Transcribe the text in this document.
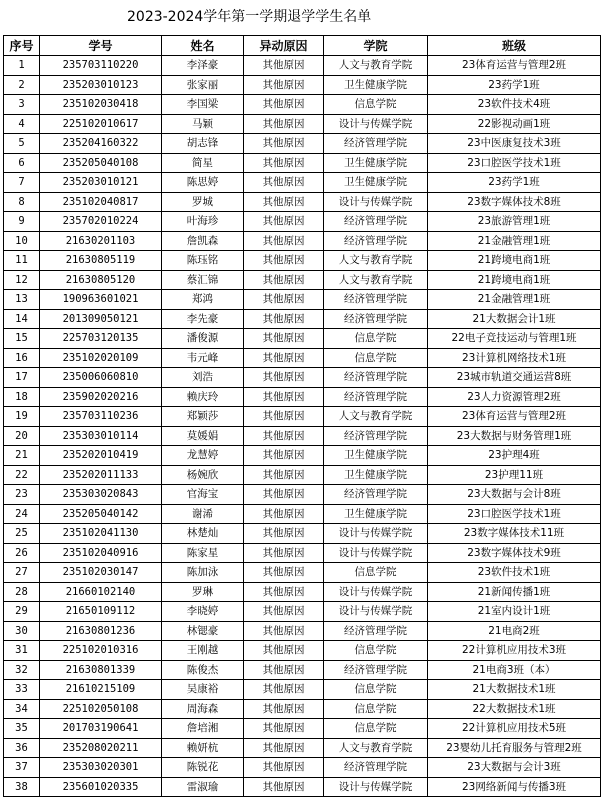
2023-2024学年第一学期退学学生名单
序号	学号	姓名	异动原因	学院	班级
1	235703110220	李泽豪	其他原因	人文与教育学院	23体育运营与管理2班
2	235203010123	张家丽	其他原因	卫生健康学院	23药学1班
3	235102030418	李国梁	其他原因	信息学院	23软件技术4班
4	225102010617	马颖	其他原因	设计与传媒学院	22影视动画1班
5	235204160322	胡志锋	其他原因	经济管理学院	23中医康复技术3班
6	235205040108	简星	其他原因	卫生健康学院	23口腔医学技术1班
7	235203010121	陈思婷	其他原因	卫生健康学院	23药学1班
8	235102040817	罗城	其他原因	设计与传媒学院	23数字媒体技术8班
9	235702010224	叶海珍	其他原因	经济管理学院	23旅游管理1班
10	21630201103	詹凯森	其他原因	经济管理学院	21金融管理1班
11	21630805119	陈珏铭	其他原因	人文与教育学院	21跨境电商1班
12	21630805120	蔡汇锦	其他原因	人文与教育学院	21跨境电商1班
13	190963601021	郑鸿	其他原因	经济管理学院	21金融管理1班
14	201309050121	李先豪	其他原因	经济管理学院	21大数据会计1班
15	225703120135	潘俊源	其他原因	信息学院	22电子竞技运动与管理1班
16	235102020109	韦元峰	其他原因	信息学院	23计算机网络技术1班
17	235006060810	刘浩	其他原因	经济管理学院	23城市轨道交通运营8班
18	235902020216	赖庆玲	其他原因	经济管理学院	23人力资源管理2班
19	235703110236	郑颖莎	其他原因	人文与教育学院	23体育运营与管理2班
20	235303010114	莫媛娟	其他原因	经济管理学院	23大数据与财务管理1班
21	235202010419	龙慧婷	其他原因	卫生健康学院	23护理4班
22	235202011133	杨婉欣	其他原因	卫生健康学院	23护理11班
23	235303020843	官海宝	其他原因	经济管理学院	23大数据与会计8班
24	235205040142	谢浠	其他原因	卫生健康学院	23口腔医学技术1班
25	235102041130	林楚灿	其他原因	设计与传媒学院	23数字媒体技术11班
26	235102040916	陈家星	其他原因	设计与传媒学院	23数字媒体技术9班
27	235102030147	陈加泳	其他原因	信息学院	23软件技术1班
28	21660102140	罗琳	其他原因	设计与传媒学院	21新闻传播1班
29	21650109112	李晓婷	其他原因	设计与传媒学院	21室内设计1班
30	21630801236	林锶豪	其他原因	经济管理学院	21电商2班
31	225102010316	王刚越	其他原因	信息学院	22计算机应用技术3班
32	21630801339	陈俊杰	其他原因	经济管理学院	21电商3班（本）
33	21610215109	吴康裕	其他原因	信息学院	21大数据技术1班
34	225102050108	周海森	其他原因	信息学院	22大数据技术1班
35	201703190641	詹培湘	其他原因	信息学院	22计算机应用技术5班
36	235208020211	赖妍杭	其他原因	人文与教育学院	23婴幼儿托育服务与管理2班
37	235303020301	陈锐花	其他原因	经济管理学院	23大数据与会计3班
38	235601020335	雷淑瑜	其他原因	设计与传媒学院	23网络新闻与传播3班
